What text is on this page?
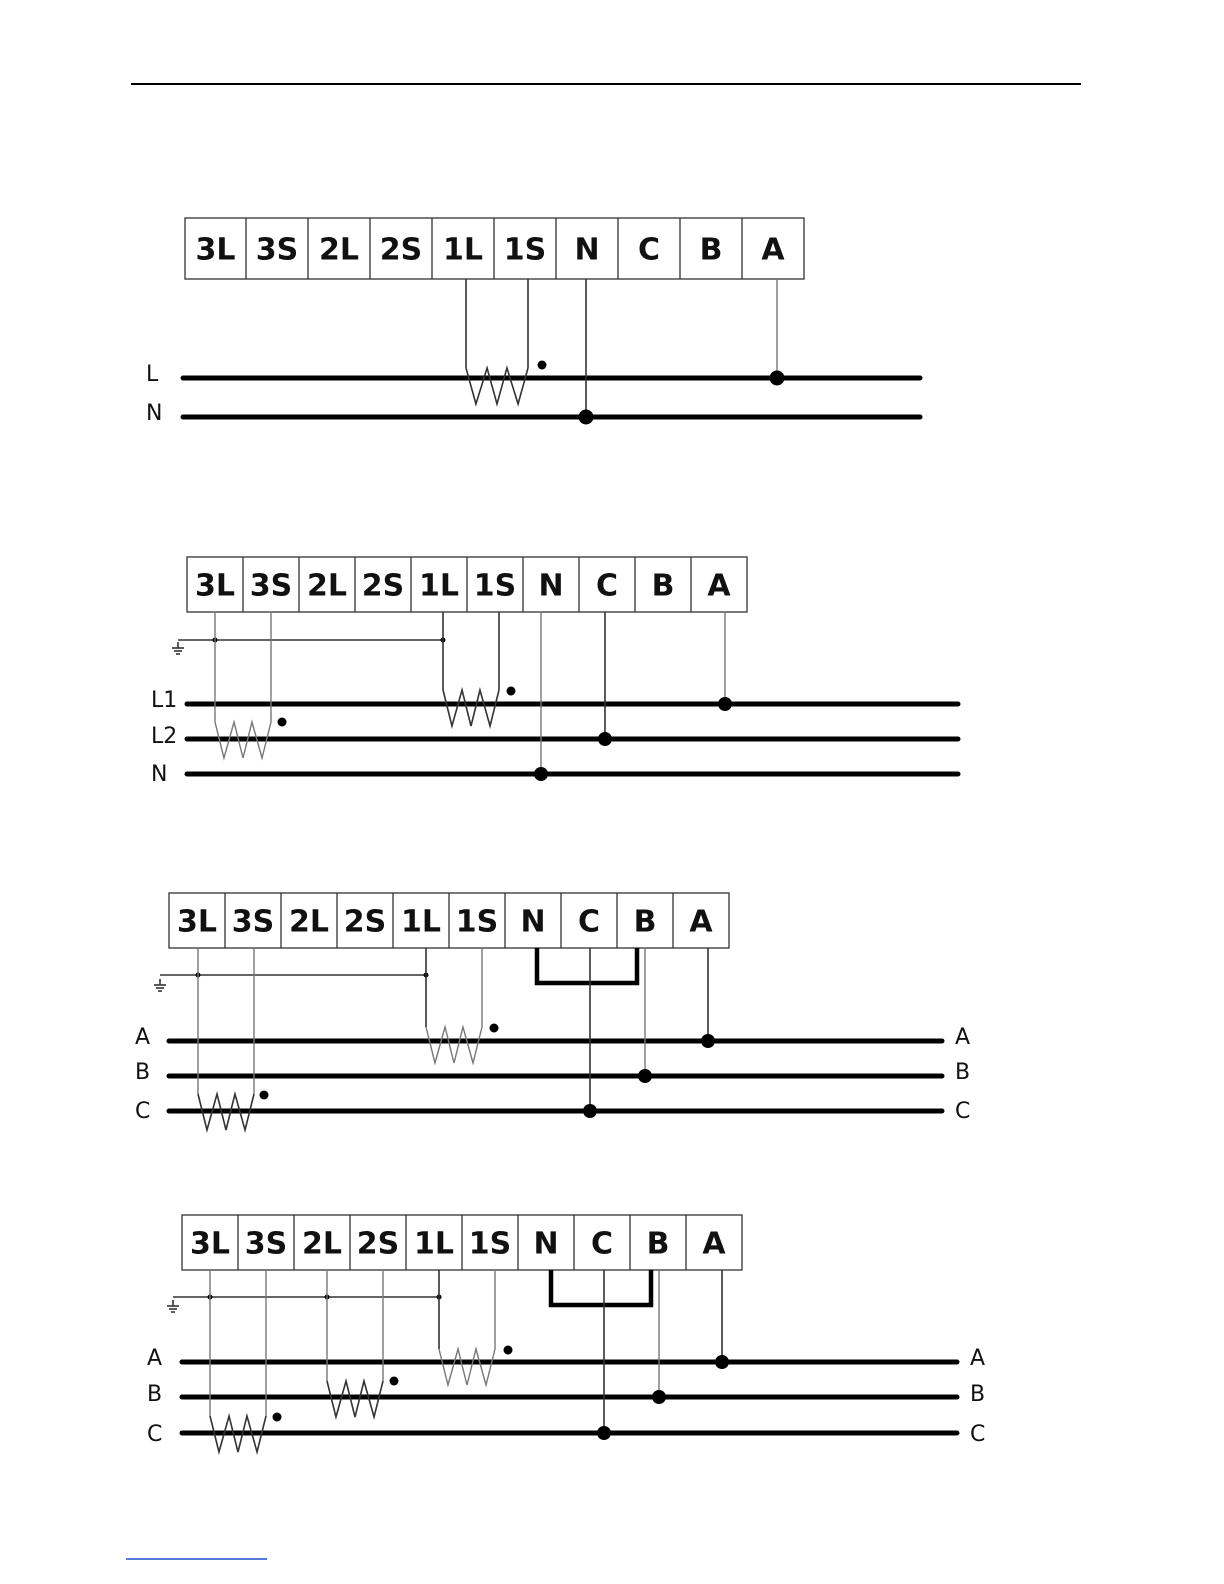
3L 3S 2L 2S 1L 1S N C B A
L
N
3L 3S 2L 2S 1L 1S N C B A
L1
L2
N
3L 3S 2L 2S 1L 1S N C B A
A
B
C
A
B
C
3L 3S 2L 2S 1L 1S N C B A
A
B
C
A
B
C
